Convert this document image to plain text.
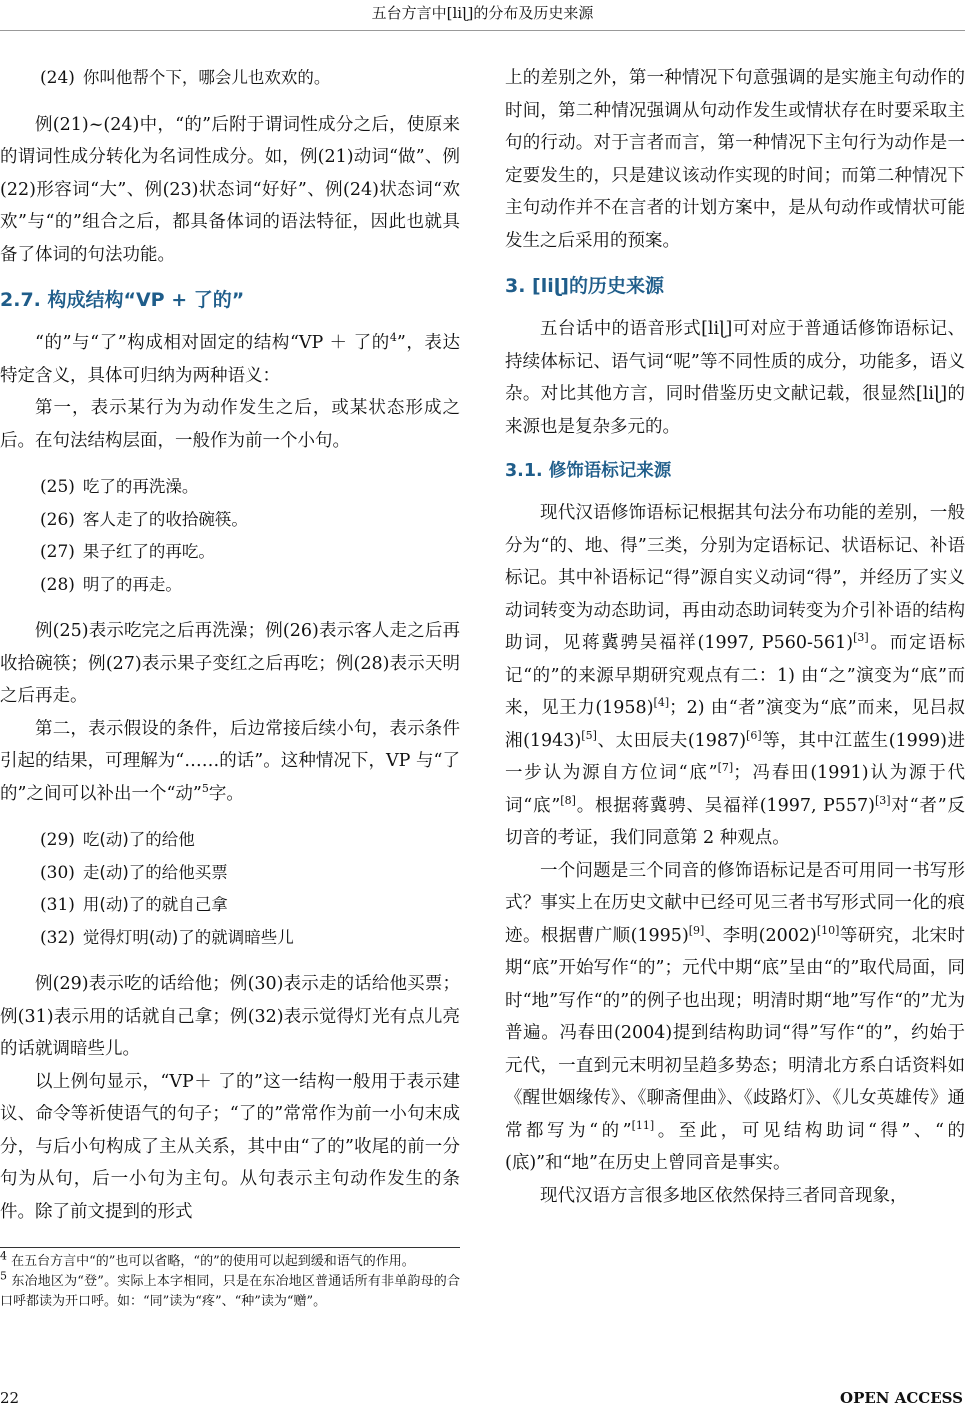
五台方言中[liɭ]的分布及历史来源

(24) 你叫他帮个下，哪会儿也欢欢的。

例(21)~(24)中，“的”后附于谓词性成分之后，使原来的谓词性成分转化为名词性成分。如，例(21)动词“做”、例(22)形容词“大”、例(23)状态词“好好”、例(24)状态词“欢欢”与“的”组合之后，都具备体词的语法特征，因此也就具备了体词的句法功能。

2.7. 构成结构“VP + 了的”

“的”与“了”构成相对固定的结构“VP ＋ 了的$^4$”，表达特定含义，具体可归纳为两种语义：

第一，表示某行为为动作发生之后，或某状态形成之后。在句法结构层面，一般作为前一个小句。

(25) 吃了的再洗澡。

(26) 客人走了的收拾碗筷。

(27) 果子红了的再吃。

(28) 明了的再走。

例(25)表示吃完之后再洗澡；例(26)表示客人走之后再收拾碗筷；例(27)表示果子变红之后再吃；例(28)表示天明之后再走。

第二，表示假设的条件，后边常接后续小句，表示条件引起的结果，可理解为“……的话”。这种情况下，VP 与“了的”之间可以补出一个“动”$^5$字。

(29) 吃(动)了的给他

(30) 走(动)了的给他买票

(31) 用(动)了的就自己拿

(32) 觉得灯明(动)了的就调暗些儿

例(29)表示吃的话给他；例(30)表示走的话给他买票；例(31)表示用的话就自己拿；例(32)表示觉得灯光有点儿亮的话就调暗些儿。

以上例句显示，“VP＋ 了的”这一结构一般用于表示建议、命令等祈使语气的句子；“了的”常常作为前一小句末成分，与后小句构成了主从关系，其中由“了的”收尾的前一分句为从句，后一小句为主句。从句表示主句动作发生的条件。除了前文提到的形式

$^4$ 在五台方言中“的”也可以省略，“的”的使用可以起到缓和语气的作用。

$^5$ 东冶地区为“登”。实际上本字相同，只是在东冶地区普通话所有非单韵母的合口呼都读为开口呼。如：“同”读为“疼”、“种”读为“赠”。

上的差别之外，第一种情况下句意强调的是实施主句动作的时间，第二种情况强调从句动作发生或情状存在时要采取主句的行动。对于言者而言，第一种情况下主句行为动作是一定要发生的，只是建议该动作实现的时间；而第二种情况下主句动作并不在言者的计划方案中，是从句动作或情状可能发生之后采用的预案。

3. [liɭ]的历史来源

五台话中的语音形式[liɭ]可对应于普通话修饰语标记、持续体标记、语气词“呢”等不同性质的成分，功能多，语义杂。对比其他方言，同时借鉴历史文献记载，很显然[liɭ]的来源也是复杂多元的。

3.1. 修饰语标记来源

现代汉语修饰语标记根据其句法分布功能的差别，一般分为“的、地、得”三类，分别为定语标记、状语标记、补语标记。其中补语标记“得”源自实义动词“得”，并经历了实义动词转变为动态助词，再由动态助词转变为介引补语的结构助词，见蒋冀骋吴福祥(1997, P560-561)[3]。而定语标记“的”的来源早期研究观点有二：1) 由“之”演变为“底”而来，见王力(1958)[4]；2) 由“者”演变为“底”而来，见吕叔湘(1943)[5]、太田辰夫(1987)[6]等，其中江蓝生(1999)进一步认为源自方位词“底”[7]；冯春田(1991)认为源于代词“底”[8]。根据蒋冀骋、吴福祥(1997, P557)[3]对“者”反切音的考证，我们同意第 2 种观点。

一个问题是三个同音的修饰语标记是否可用同一书写形式？事实上在历史文献中已经可见三者书写形式同一化的痕迹。根据曹广顺(1995)[9]、李明(2002)[10]等研究，北宋时期“底”开始写作“的”；元代中期“底”呈由“的”取代局面，同时“地”写作“的”的例子也出现；明清时期“地”写作“的”尤为普遍。冯春田(2004)提到结构助词“得”写作“的”，约始于元代，一直到元末明初呈趋多势态；明清北方系白话资料如《醒世姻缘传》、《聊斋俚曲》、《歧路灯》、《儿女英雄传》通常都写为“的”[11]。至此，可见结构助词“得”、“的(底)”和“地”在历史上曾同音是事实。

现代汉语方言很多地区依然保持三者同音现象，

22	OPEN ACCESS
